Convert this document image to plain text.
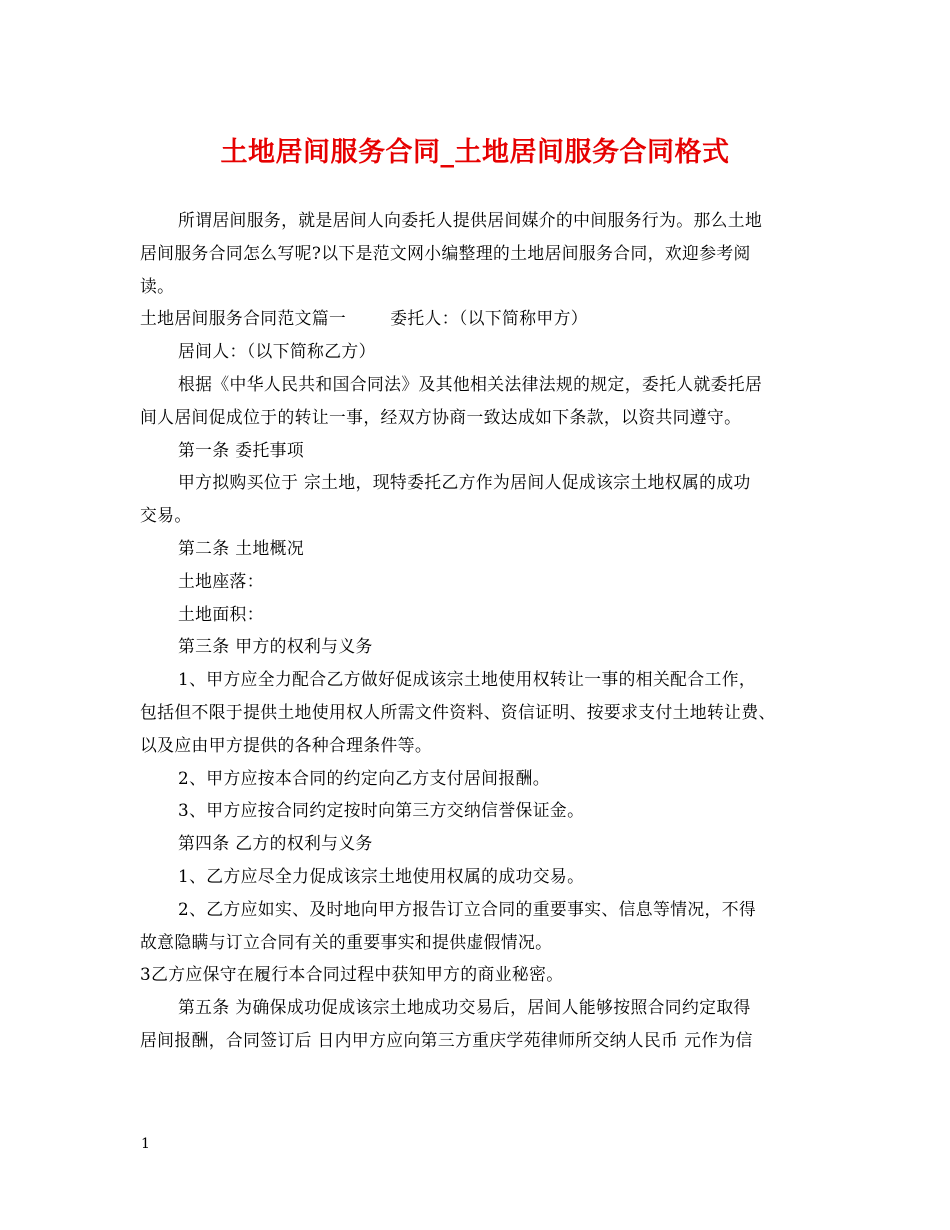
土地居间服务合同_土地居间服务合同格式
所谓居间服务，就是居间人向委托人提供居间媒介的中间服务行为。那么土地
居间服务合同怎么写呢?以下是范文网小编整理的土地居间服务合同，欢迎参考阅
读。
土地居间服务合同范文篇一	委托人：（以下简称甲方）
居间人：（以下简称乙方）
根据《中华人民共和国合同法》及其他相关法律法规的规定，委托人就委托居
间人居间促成位于的转让一事，经双方协商一致达成如下条款，以资共同遵守。
第一条 委托事项
甲方拟购买位于 宗土地，现特委托乙方作为居间人促成该宗土地权属的成功
交易。
第二条 土地概况
土地座落：
土地面积：
第三条 甲方的权利与义务
1、甲方应全力配合乙方做好促成该宗土地使用权转让一事的相关配合工作，
包括但不限于提供土地使用权人所需文件资料、资信证明、按要求支付土地转让费、
以及应由甲方提供的各种合理条件等。
2、甲方应按本合同的约定向乙方支付居间报酬。
3、甲方应按合同约定按时向第三方交纳信誉保证金。
第四条 乙方的权利与义务
1、乙方应尽全力促成该宗土地使用权属的成功交易。
2、乙方应如实、及时地向甲方报告订立合同的重要事实、信息等情况，不得
故意隐瞒与订立合同有关的重要事实和提供虚假情况。
3乙方应保守在履行本合同过程中获知甲方的商业秘密。
第五条 为确保成功促成该宗土地成功交易后，居间人能够按照合同约定取得
居间报酬，合同签订后 日内甲方应向第三方重庆学苑律师所交纳人民币 元作为信
1
